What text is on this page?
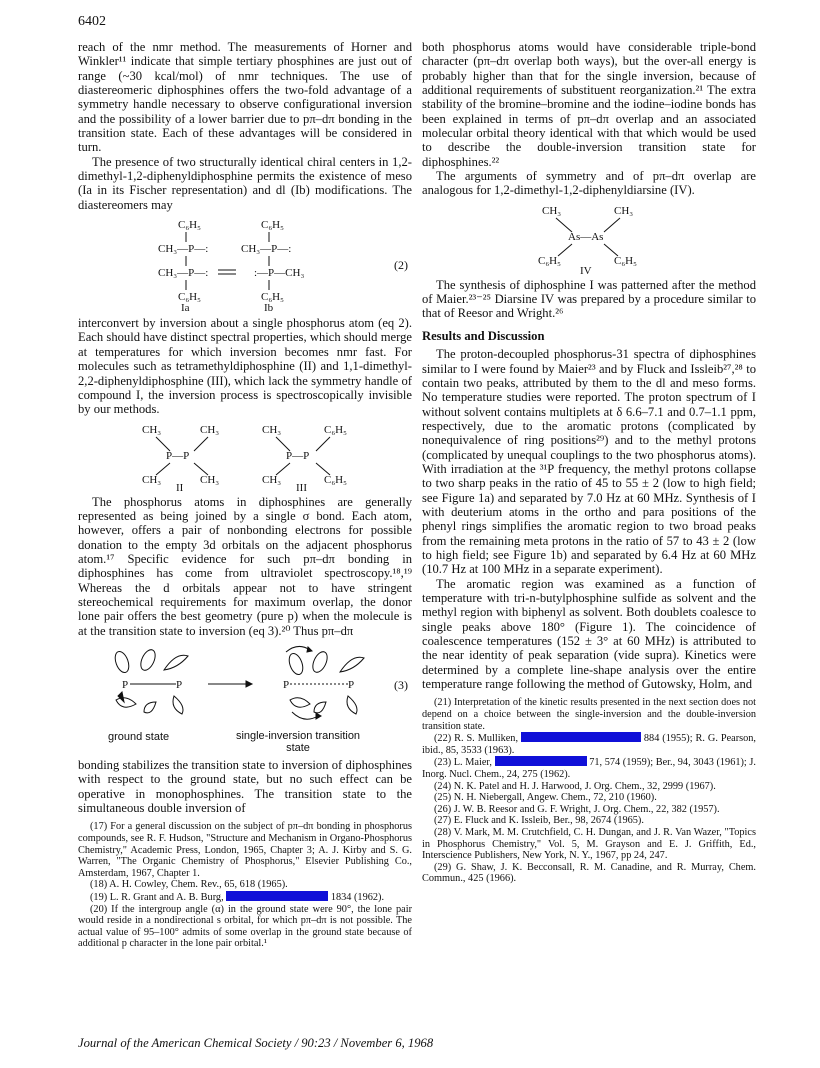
6402

reach of the nmr method. The measurements of Horner and Winkler¹¹ indicate that simple tertiary phosphines are just out of range (~30 kcal/mol) of nmr techniques. The use of diastereomeric diphosphines offers the two-fold advantage of a symmetry handle necessary to observe configurational inversion and the possibility of a lower barrier due to pπ–dπ bonding in the transition state. Each of these advantages will be considered in turn.

The presence of two structurally identical chiral centers in 1,2-dimethyl-1,2-diphenyldiphosphine permits the existence of meso (Ia in its Fischer representation) and dl (Ib) modifications. The diastereomers may

C₆H₅	C₆H₅
CH₃—P—:	CH₃—P—:
CH₃—P—:	:—P—CH₃
C₆H₅	C₆H₅
Ia	Ib
(2)

interconvert by inversion about a single phosphorus atom (eq 2). Each should have distinct spectral properties, which should merge at temperatures for which inversion becomes nmr fast. For molecules such as tetramethyldiphosphine (II) and 1,1-dimethyl-2,2-diphenyldiphosphine (III), which lack the symmetry handle of compound I, the inversion process is spectroscopically invisible by our methods.

CH₃	CH₃
P—P
CH₃	CH₃
II
CH₃	C₆H₅
P—P
CH₃	C₆H₅
III

The phosphorus atoms in diphosphines are generally represented as being joined by a single σ bond. Each atom, however, offers a pair of nonbonding electrons for possible donation to the empty 3d orbitals on the adjacent phosphorus atom.¹⁷ Specific evidence for such pπ–dπ bonding in diphosphines has come from ultraviolet spectroscopy.¹⁸,¹⁹ Whereas the d orbitals appear not to have stringent stereochemical requirements for maximum overlap, the donor lone pair offers the best geometry (pure p) when the molecule is at the transition state to inversion (eq 3).²⁰ Thus pπ–dπ

P	P	P	P	(3)
ground state	single-inversion transition state

bonding stabilizes the transition state to inversion of diphosphines with respect to the ground state, but no such effect can be operative in monophosphines. The transition state to the simultaneous double inversion of

(17) For a general discussion on the subject of pπ–dπ bonding in phosphorus compounds, see R. F. Hudson, "Structure and Mechanism in Organo-Phosphorus Chemistry," Academic Press, London, 1965, Chapter 3; A. J. Kirby and S. G. Warren, "The Organic Chemistry of Phosphorus," Elsevier Publishing Co., Amsterdam, 1967, Chapter 1.

(18) A. H. Cowley, Chem. Rev., 65, 618 (1965).

(19) L. R. Grant and A. B. Burg,	1834 (1962).

(20) If the intergroup angle (α) in the ground state were 90°, the lone pair would reside in a nondirectional s orbital, for which pπ–dπ is not possible. The actual value of 95–100° admits of some overlap in the ground state because of additional p character in the lone pair orbital.¹

both phosphorus atoms would have considerable triple-bond character (pπ–dπ overlap both ways), but the over-all energy is probably higher than that for the single inversion, because of additional requirements of substituent reorganization.²¹ The extra stability of the bromine–bromine and the iodine–iodine bonds has been explained in terms of pπ–dπ overlap and an associated molecular orbital theory identical with that which would be used to describe the double-inversion transition state for diphosphines.²²

The arguments of symmetry and of pπ–dπ overlap are analogous for 1,2-dimethyl-1,2-diphenyldiarsine (IV).

CH₃	CH₃
As—As
C₆H₅	C₆H₅
IV

The synthesis of diphosphine I was patterned after the method of Maier.²³⁻²⁵ Diarsine IV was prepared by a procedure similar to that of Reesor and Wright.²⁶

Results and Discussion

The proton-decoupled phosphorus-31 spectra of diphosphines similar to I were found by Maier²³ and by Fluck and Issleib²⁷,²⁸ to contain two peaks, attributed by them to the dl and meso forms. No temperature studies were reported. The proton spectrum of I without solvent contains multiplets at δ 6.6–7.1 and 0.7–1.1 ppm, respectively, due to the aromatic protons (complicated by nonequivalence of ring positions²⁹) and to the methyl protons (complicated by unequal couplings to the two phosphorus atoms). With irradiation at the ³¹P frequency, the methyl protons collapse to two sharp peaks in the ratio of 45 to 55 ± 2 (low to high field; see Figure 1a) and separated by 7.0 Hz at 60 MHz. Synthesis of I with deuterium atoms in the ortho and para positions of the phenyl rings simplifies the aromatic region to two broad peaks from the remaining meta protons in the ratio of 57 to 43 ± 2 (low to high field; see Figure 1b) and separated by 6.4 Hz at 60 MHz (10.7 Hz at 100 MHz in a separate experiment).

The aromatic region was examined as a function of temperature with tri-n-butylphosphine sulfide as solvent and the methyl region with biphenyl as solvent. Both doublets coalesce to single peaks above 180° (Figure 1). The coincidence of coalescence temperatures (152 ± 3° at 60 MHz) is attributed to the near identity of peak separation (vide supra). Kinetics were determined by a complete line-shape analysis over the entire temperature range following the method of Gutowsky, Holm, and

(21) Interpretation of the kinetic results presented in the next section does not depend on a choice between the single-inversion and the double-inversion transition state.

(22) R. S. Mulliken,	884 (1955); R. G. Pearson, ibid., 85, 3533 (1963).

(23) L. Maier,	71, 574 (1959); Ber., 94, 3043 (1961); J. Inorg. Nucl. Chem., 24, 275 (1962).

(24) N. K. Patel and H. J. Harwood, J. Org. Chem., 32, 2999 (1967).

(25) N. H. Niebergall, Angew. Chem., 72, 210 (1960).

(26) J. W. B. Reesor and G. F. Wright, J. Org. Chem., 22, 382 (1957).

(27) E. Fluck and K. Issleib, Ber., 98, 2674 (1965).

(28) V. Mark, M. M. Crutchfield, C. H. Dungan, and J. R. Van Wazer, "Topics in Phosphorus Chemistry," Vol. 5, M. Grayson and E. J. Griffith, Ed., Interscience Publishers, New York, N. Y., 1967, pp 24, 247.

(29) G. Shaw, J. K. Becconsall, R. M. Canadine, and R. Murray, Chem. Commun., 425 (1966).

Journal of the American Chemical Society / 90:23 / November 6, 1968
